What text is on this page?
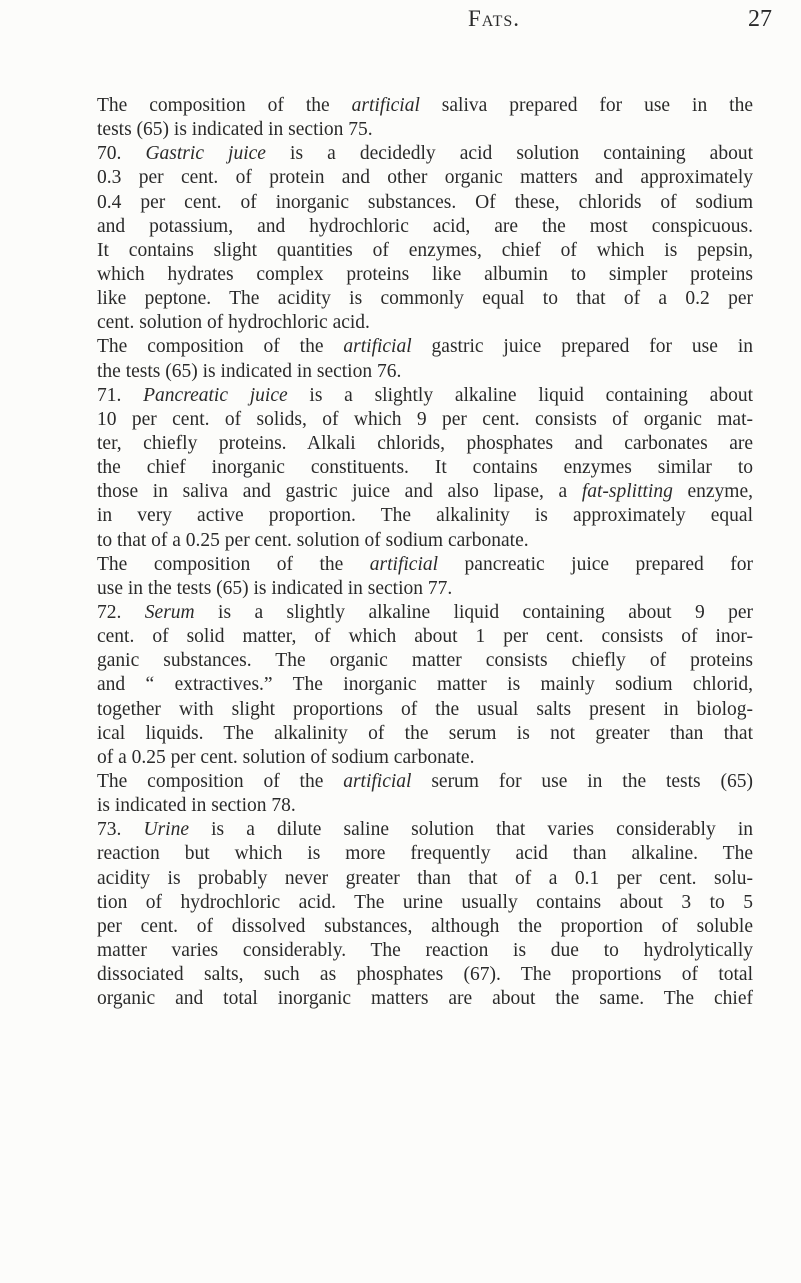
Fats.	27
The composition of the artificial saliva prepared for use in the
tests (65) is indicated in section 75.
70. Gastric juice is a decidedly acid solution containing about
0.3 per cent. of protein and other organic matters and approximately
0.4 per cent. of inorganic substances. Of these, chlorids of sodium
and potassium, and hydrochloric acid, are the most conspicuous.
It contains slight quantities of enzymes, chief of which is pepsin,
which hydrates complex proteins like albumin to simpler proteins
like peptone. The acidity is commonly equal to that of a 0.2 per
cent. solution of hydrochloric acid.
The composition of the artificial gastric juice prepared for use in
the tests (65) is indicated in section 76.
71. Pancreatic juice is a slightly alkaline liquid containing about
10 per cent. of solids, of which 9 per cent. consists of organic mat-
ter, chiefly proteins. Alkali chlorids, phosphates and carbonates are
the chief inorganic constituents. It contains enzymes similar to
those in saliva and gastric juice and also lipase, a fat-splitting enzyme,
in very active proportion. The alkalinity is approximately equal
to that of a 0.25 per cent. solution of sodium carbonate.
The composition of the artificial pancreatic juice prepared for
use in the tests (65) is indicated in section 77.
72. Serum is a slightly alkaline liquid containing about 9 per
cent. of solid matter, of which about 1 per cent. consists of inor-
ganic substances. The organic matter consists chiefly of proteins
and “ extractives.” The inorganic matter is mainly sodium chlorid,
together with slight proportions of the usual salts present in biolog-
ical liquids. The alkalinity of the serum is not greater than that
of a 0.25 per cent. solution of sodium carbonate.
The composition of the artificial serum for use in the tests (65)
is indicated in section 78.
73. Urine is a dilute saline solution that varies considerably in
reaction but which is more frequently acid than alkaline. The
acidity is probably never greater than that of a 0.1 per cent. solu-
tion of hydrochloric acid. The urine usually contains about 3 to 5
per cent. of dissolved substances, although the proportion of soluble
matter varies considerably. The reaction is due to hydrolytically
dissociated salts, such as phosphates (67). The proportions of total
organic and total inorganic matters are about the same. The chief
